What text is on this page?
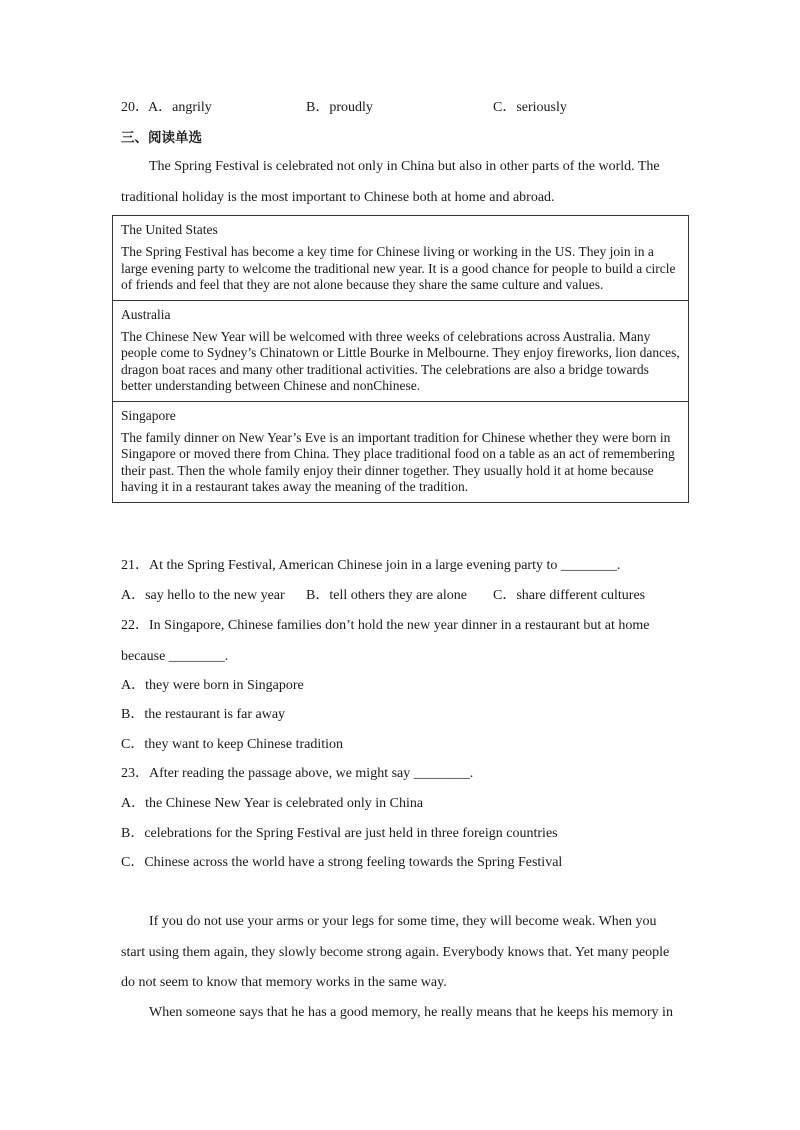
20． A．angrily	B．proudly	C．seriously
三、阅读单选
The Spring Festival is celebrated not only in China but also in other parts of the world. The
traditional holiday is the most important to Chinese both at home and abroad.
The United States
The Spring Festival has become a key time for Chinese living or working in the US. They join in a large evening party to welcome the traditional new year. It is a good chance for people to build a circle of friends and feel that they are not alone because they share the same culture and values.
Australia
The Chinese New Year will be welcomed with three weeks of celebrations across Australia. Many people come to Sydney’s Chinatown or Little Bourke in Melbourne. They enjoy fireworks, lion dances, dragon boat races and many other traditional activities. The celebrations are also a bridge towards better understanding between Chinese and nonChinese.
Singapore
The family dinner on New Year’s Eve is an important tradition for Chinese whether they were born in Singapore or moved there from China. They place traditional food on a table as an act of remembering their past. Then the whole family enjoy their dinner together. They usually hold it at home because having it in a restaurant takes away the meaning of the tradition.
21．At the Spring Festival, American Chinese join in a large evening party to ________.
A．say hello to the new year B．tell others they are alone C．share different cultures
22．In Singapore, Chinese families don’t hold the new year dinner in a restaurant but at home
because ________.
A．they were born in Singapore
B．the restaurant is far away
C．they want to keep Chinese tradition
23．After reading the passage above, we might say ________.
A．the Chinese New Year is celebrated only in China
B．celebrations for the Spring Festival are just held in three foreign countries
C．Chinese across the world have a strong feeling towards the Spring Festival
If you do not use your arms or your legs for some time, they will become weak. When you
start using them again, they slowly become strong again. Everybody knows that. Yet many people
do not seem to know that memory works in the same way.
When someone says that he has a good memory, he really means that he keeps his memory in
